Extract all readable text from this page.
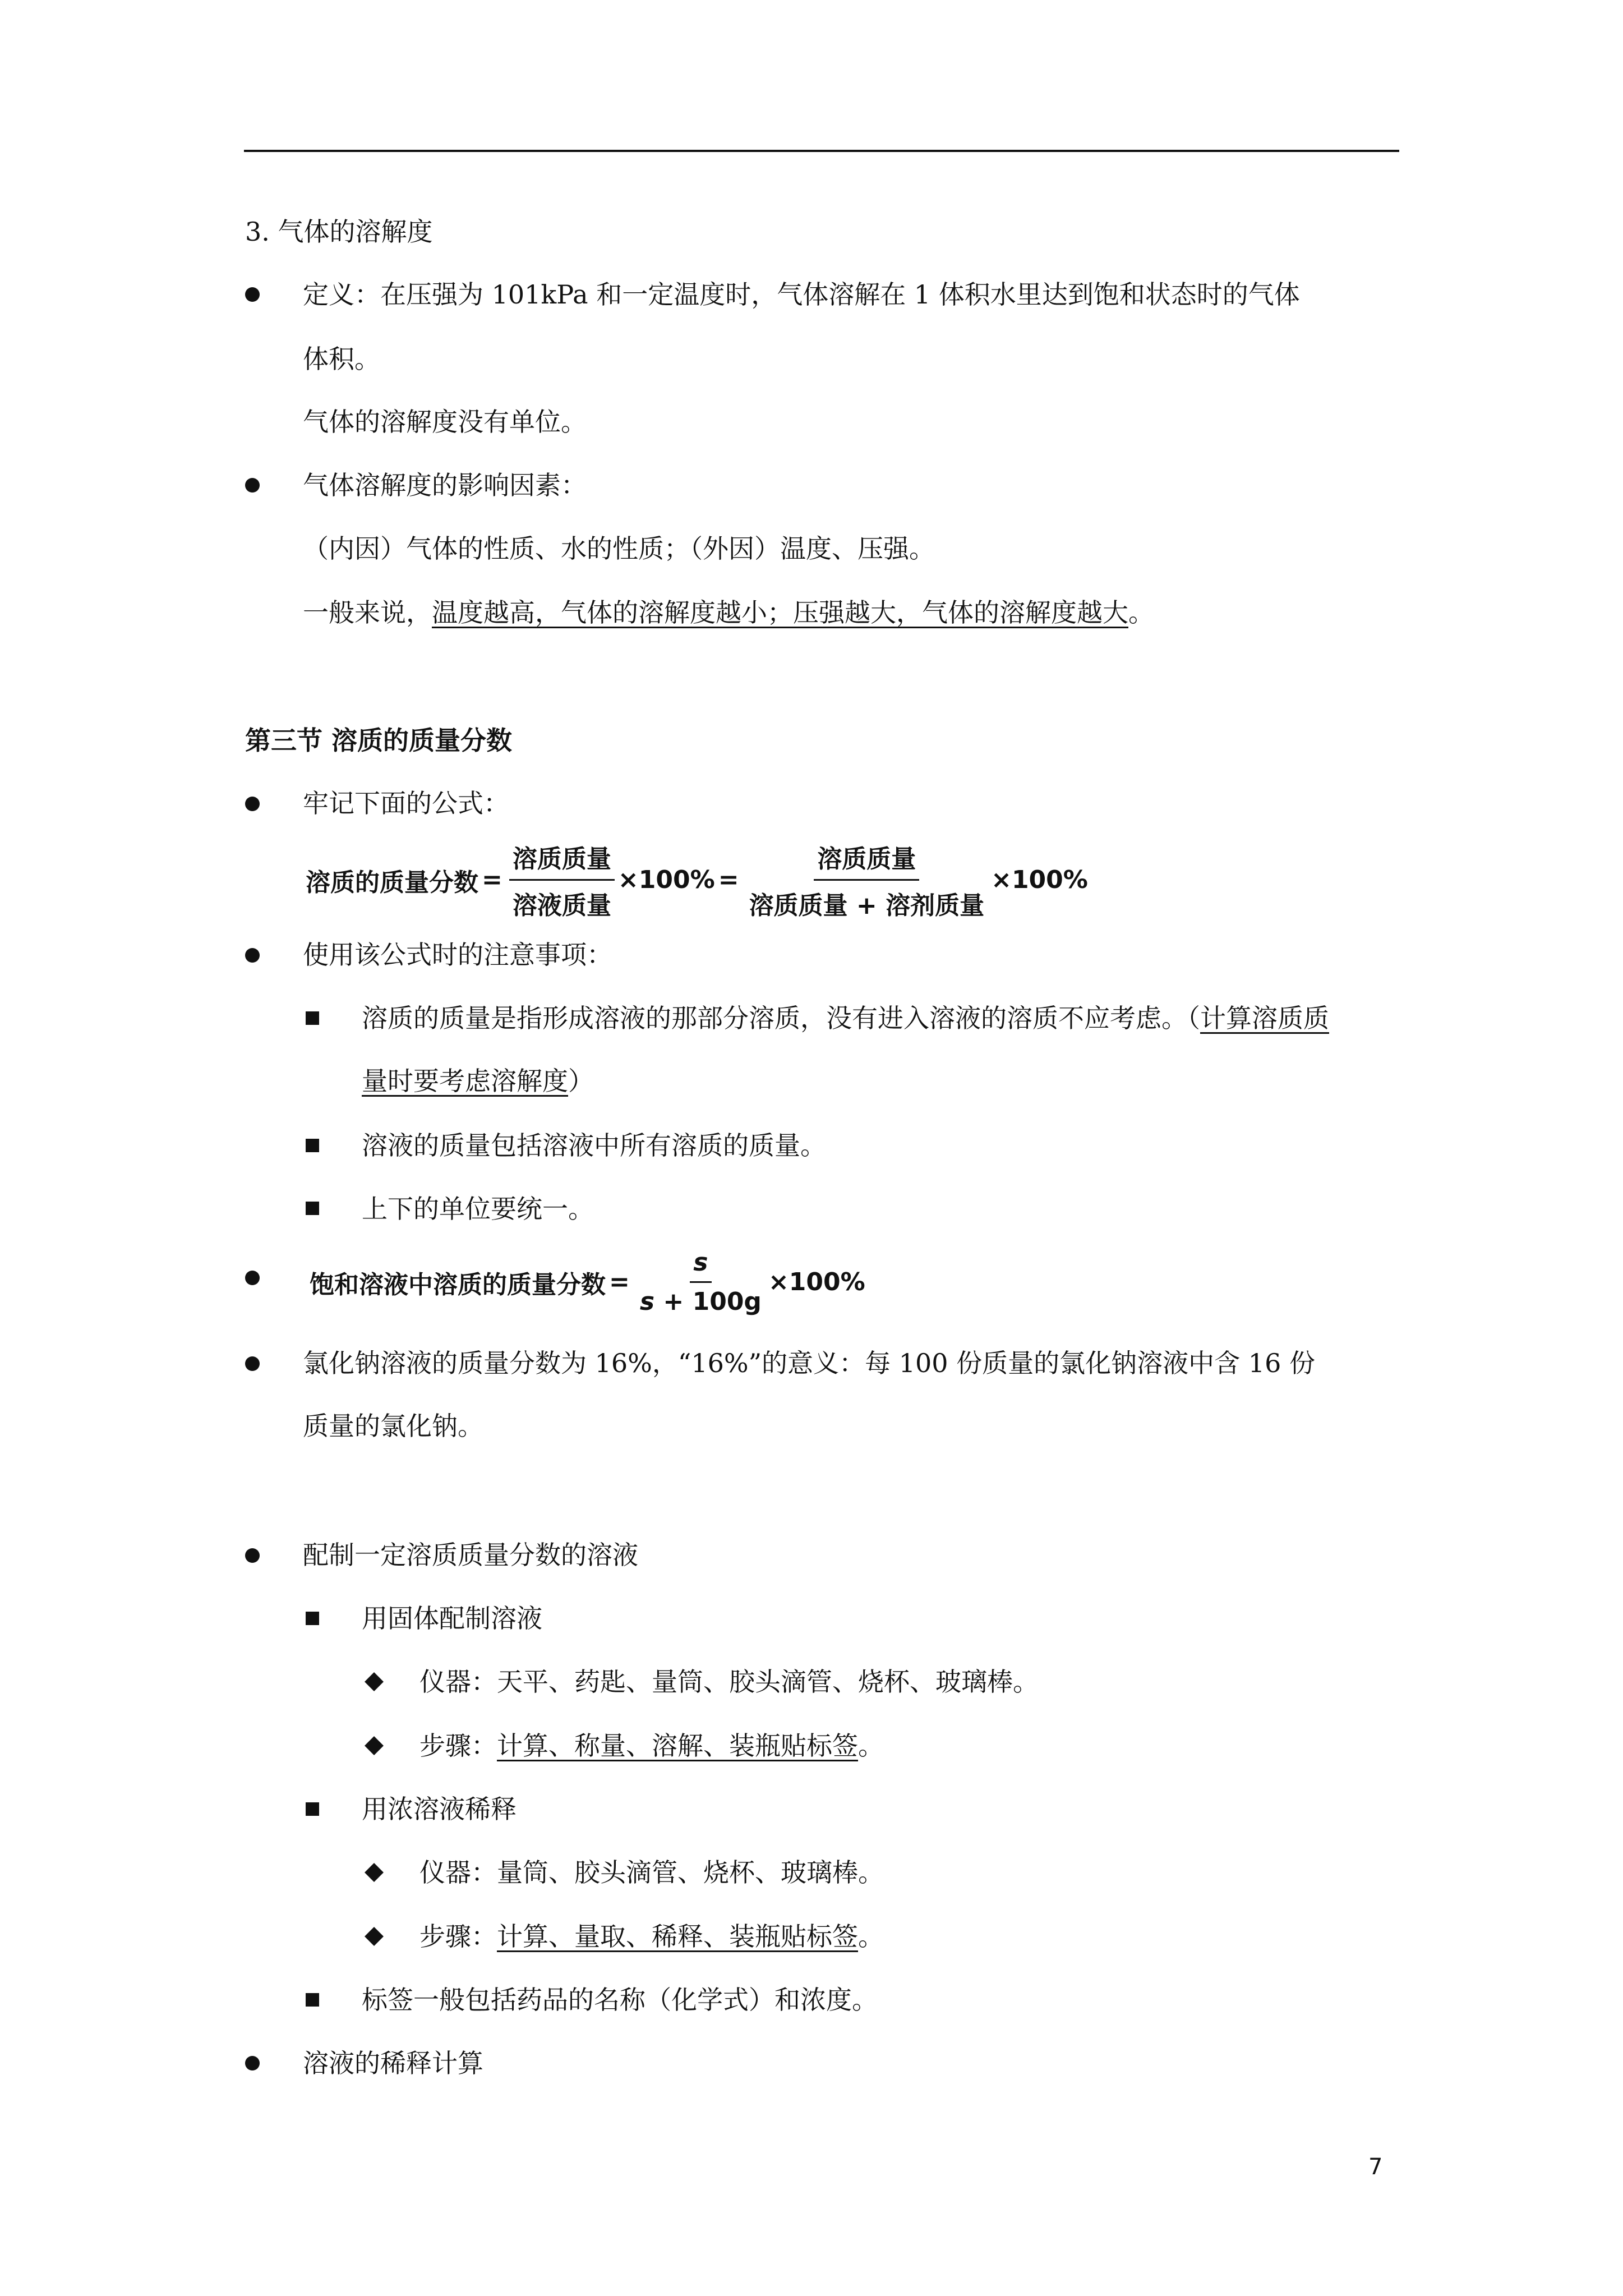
3. 气体的溶解度
定义：在压强为 101kPa 和一定温度时，气体溶解在 1 体积水里达到饱和状态时的气体
体积。
气体的溶解度没有单位。
气体溶解度的影响因素：
（内因）气体的性质、水的性质；（外因）温度、压强。
一般来说，温度越高，气体的溶解度越小；压强越大，气体的溶解度越大。
第三节 溶质的质量分数
牢记下面的公式：
溶质的质量分数 = $\frac{\text{溶质质量}}{\text{溶液质量}} \times 100\% = \frac{\text{溶质质量}}{\text{溶质质量 + 溶剂质量}} \times 100\%$
使用该公式时的注意事项：
溶质的质量是指形成溶液的那部分溶质，没有进入溶液的溶质不应考虑。（计算溶质质
量时要考虑溶解度）
溶液的质量包括溶液中所有溶质的质量。
上下的单位要统一。
饱和溶液中溶质的质量分数 = $\frac{s}{s + 100g} \times 100\%$
氯化钠溶液的质量分数为 16%，“16%”的意义：每 100 份质量的氯化钠溶液中含 16 份
质量的氯化钠。
配制一定溶质质量分数的溶液
用固体配制溶液
仪器：天平、药匙、量筒、胶头滴管、烧杯、玻璃棒。
步骤：计算、称量、溶解、装瓶贴标签。
用浓溶液稀释
仪器：量筒、胶头滴管、烧杯、玻璃棒。
步骤：计算、量取、稀释、装瓶贴标签。
标签一般包括药品的名称（化学式）和浓度。
溶液的稀释计算
7
